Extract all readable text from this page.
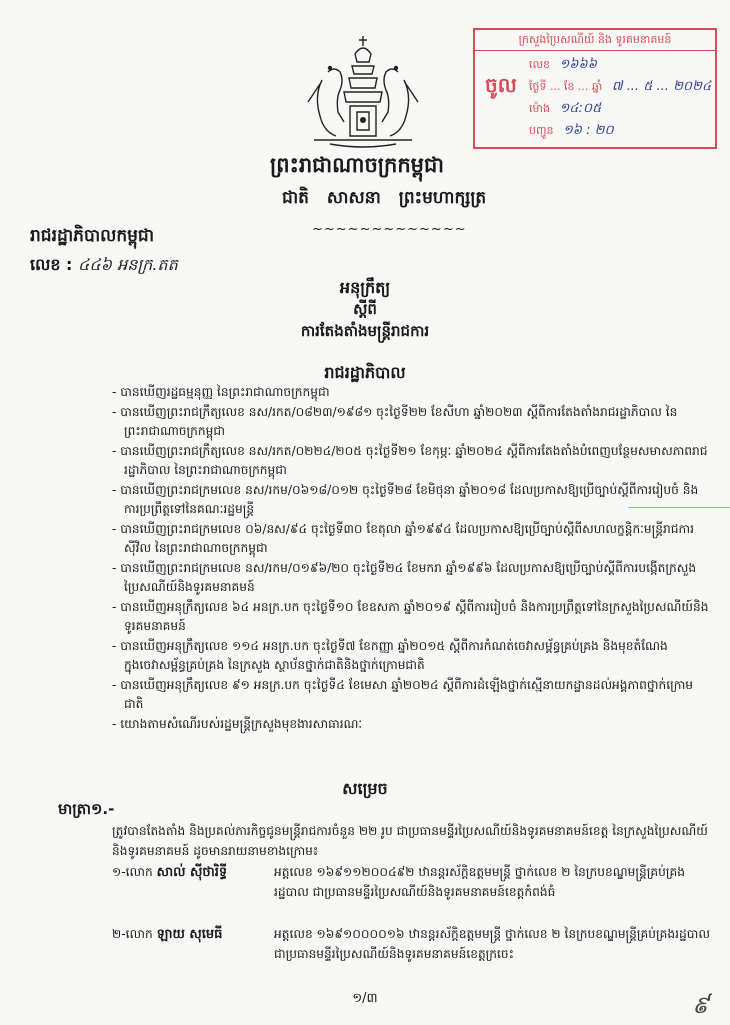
ក្រសួងប្រៃសណីយ៍ និង ទូរគមនាគមន៍
ចូល
លេខ ១៦៦៦
ថ្ងៃទី ... ខែ ... ឆ្នាំ ៧ ... ៥ ... ២០២៤
ម៉ោង ១៤:០៥
បញ្ជូន ១៦ : ២០
ព្រះរាជាណាចក្រកម្ពុជា
ជាតិ សាសនា ព្រះមហាក្សត្រ
~~~~~~~~~~~~~
រាជរដ្ឋាភិបាលកម្ពុជា
លេខ : ៤៤៦ អនក្រ.តត
អនុក្រឹត្យ
ស្តីពី
ការតែងតាំងមន្ត្រីរាជការ
រាជរដ្ឋាភិបាល
- បានឃើញរដ្ឋធម្មនុញ្ញ នៃព្រះរាជាណាចក្រកម្ពុជា
- បានឃើញព្រះរាជក្រឹត្យលេខ នស/រកត/០៨២៣/១៩៨១ ចុះថ្ងៃទី២២ ខែសីហា ឆ្នាំ២០២៣ ស្តីពីការតែងតាំងរាជរដ្ឋាភិបាល នៃព្រះរាជាណាចក្រកម្ពុជា
- បានឃើញព្រះរាជក្រឹត្យលេខ នស/រកត/០២២៤/២០៥ ចុះថ្ងៃទី២១ ខែកុម្ភៈ ឆ្នាំ២០២៤ ស្តីពីការតែងតាំងបំពេញបន្ថែមសមាសភាពរាជរដ្ឋាភិបាល នៃព្រះរាជាណាចក្រកម្ពុជា
- បានឃើញព្រះរាជក្រមលេខ នស/រកម/០៦១៨/០១២ ចុះថ្ងៃទី២៨ ខែមិថុនា ឆ្នាំ២០១៨ ដែលប្រកាសឱ្យប្រើច្បាប់ស្តីពីការរៀបចំ និងការប្រព្រឹត្តទៅនៃគណៈរដ្ឋមន្ត្រី
- បានឃើញព្រះរាជក្រមលេខ ០៦/នស/៩៤ ចុះថ្ងៃទី៣០ ខែតុលា ឆ្នាំ១៩៩៤ ដែលប្រកាសឱ្យប្រើច្បាប់ស្តីពីសហលក្ខន្តិកៈមន្ត្រីរាជការស៊ីវិល នៃព្រះរាជាណាចក្រកម្ពុជា
- បានឃើញព្រះរាជក្រមលេខ នស/រកម/០១៩៦/២០ ចុះថ្ងៃទី២៤ ខែមករា ឆ្នាំ១៩៩៦ ដែលប្រកាសឱ្យប្រើច្បាប់ស្តីពីការបង្កើតក្រសួងប្រៃសណីយ៍និងទូរគមនាគមន៍
- បានឃើញអនុក្រឹត្យលេខ ៦៤ អនក្រ.បក ចុះថ្ងៃទី១០ ខែឧសភា ឆ្នាំ២០១៩ ស្តីពីការរៀបចំ និងការប្រព្រឹត្តទៅនៃក្រសួងប្រៃសណីយ៍និងទូរគមនាគមន៍
- បានឃើញអនុក្រឹត្យលេខ ១១៤ អនក្រ.បក ចុះថ្ងៃទី៧ ខែកញ្ញា ឆ្នាំ២០១៥ ស្តីពីការកំណត់ចេវាសម្ព័ន្ធគ្រប់គ្រង និងមុខតំណែងក្នុងចេវាសម្ព័ន្ធគ្រប់គ្រង នៃក្រសួង ស្ថាប័នថ្នាក់ជាតិនិងថ្នាក់ក្រោមជាតិ
- បានឃើញអនុក្រឹត្យលេខ ៩១ អនក្រ.បក ចុះថ្ងៃទី៤ ខែមេសា ឆ្នាំ២០២៤ ស្តីពីការដំឡើងថ្នាក់ស្មើនាយកដ្ឋានដល់អង្គភាពថ្នាក់ក្រោមជាតិ
- យោងតាមសំណើរបស់រដ្ឋមន្ត្រីក្រសួងមុខងារសាធារណៈ
សម្រេច
មាត្រា១.-

ត្រូវបានតែងតាំង និងប្រគល់ភារកិច្ចជូនមន្ត្រីរាជការចំនួន ២២ រូប ជាប្រធានមន្ទីរប្រៃសណីយ៍និងទូរគមនាគមន៍ខេត្ត នៃក្រសួងប្រៃសណីយ៍និងទូរគមនាគមន៍ ដូចមានរាយនាមខាងក្រោម៖

១-លោក សាល់ ស៊ីថារិទ្ធី	អត្តលេខ ១៦៩១១២០០៤៩២ ឋានន្តរស័ក្តិឧត្តមមន្ត្រី ថ្នាក់លេខ ២ នៃក្របខណ្ឌមន្ត្រីគ្រប់គ្រងរដ្ឋបាល ជាប្រធានមន្ទីរប្រៃសណីយ៍និងទូរគមនាគមន៍ខេត្តកំពង់ធំ
២-លោក ឡាយ សុមេធី	អត្តលេខ ១៦៩១០០០០១៦ ឋានន្តរស័ក្តិឧត្តមមន្ត្រី ថ្នាក់លេខ ២ នៃក្របខណ្ឌមន្ត្រីគ្រប់គ្រងរដ្ឋបាល ជាប្រធានមន្ទីរប្រៃសណីយ៍និងទូរគមនាគមន៍ខេត្តក្រចេះ
១/៣	៩
